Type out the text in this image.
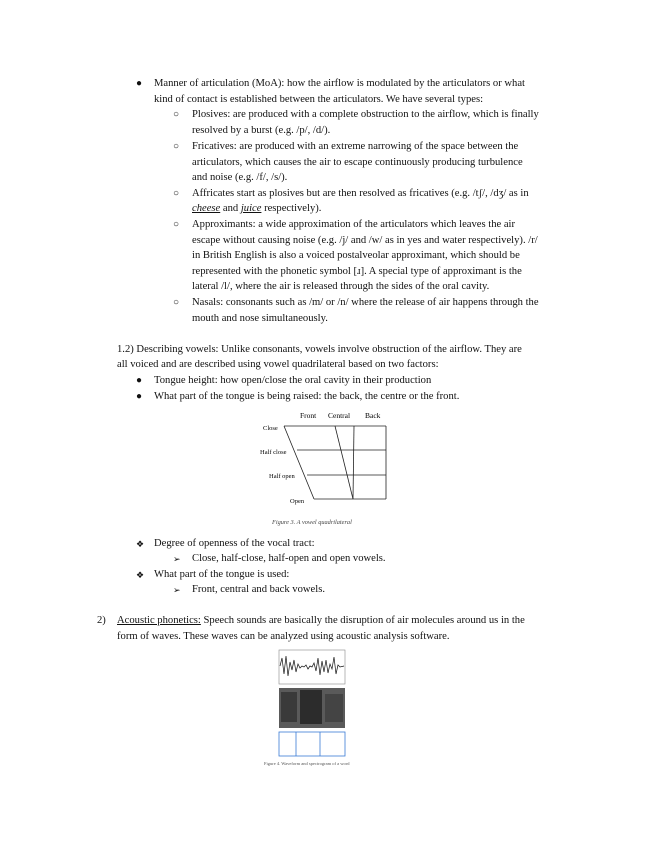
● Manner of articulation (MoA): how the airflow is modulated by the articulators or what
kind of contact is established between the articulators. We have several types:
○ Plosives: are produced with a complete obstruction to the airflow, which is finally
resolved by a burst (e.g. /p/, /d/).
○ Fricatives: are produced with an extreme narrowing of the space between the
articulators, which causes the air to escape continuously producing turbulence
and noise (e.g. /f/, /s/).
○ Affricates start as plosives but are then resolved as fricatives (e.g. /tʃ/, /dʒ/ as in
cheese and juice respectively).
○ Approximants: a wide approximation of the articulators which leaves the air
escape without causing noise (e.g. /j/ and /w/ as in yes and water respectively). /r/
in British English is also a voiced postalveolar approximant, which should be
represented with the phonetic symbol [ɹ]. A special type of approximant is the
lateral /l/, where the air is released through the sides of the oral cavity.
○ Nasals: consonants such as /m/ or /n/ where the release of air happens through the
mouth and nose simultaneously.
1.2) Describing vowels: Unlike consonants, vowels involve obstruction of the airflow. They are
all voiced and are described using vowel quadrilateral based on two factors:
● Tongue height: how open/close the oral cavity in their production
● What part of the tongue is being raised: the back, the centre or the front.
Front Central Back
Close
Half close
Half open
Open
Figure 3. A vowel quadrilateral
❖ Degree of openness of the vocal tract:
➢ Close, half-close, half-open and open vowels.
❖ What part of the tongue is used:
➢ Front, central and back vowels.
2) Acoustic phonetics: Speech sounds are basically the disruption of air molecules around us in the
form of waves. These waves can be analyzed using acoustic analysis software.
Figure 4. Waveform and spectrogram of a word
